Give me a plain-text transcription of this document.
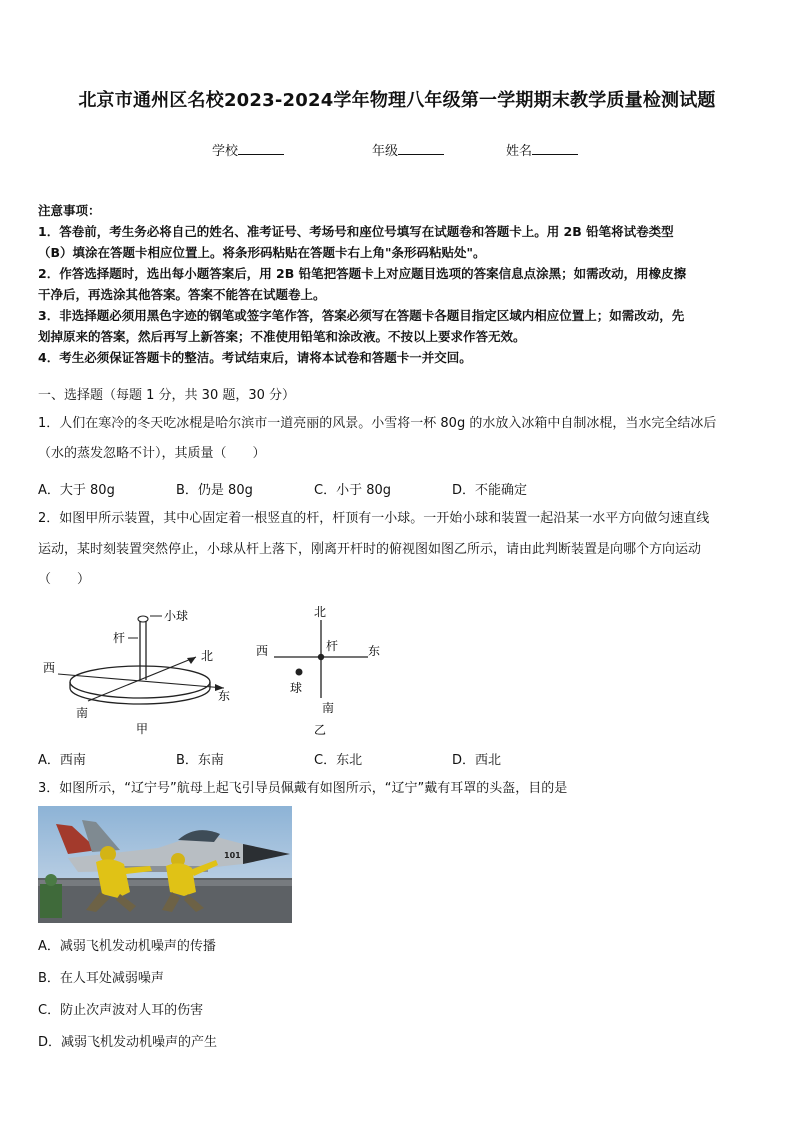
北京市通州区名校2023-2024学年物理八年级第一学期期末教学质量检测试题
学校	年级	姓名
注意事项：
1．答卷前，考生务必将自己的姓名、准考证号、考场号和座位号填写在试题卷和答题卡上。用 2B 铅笔将试卷类型
（B）填涂在答题卡相应位置上。将条形码粘贴在答题卡右上角"条形码粘贴处"。
2．作答选择题时，选出每小题答案后，用 2B 铅笔把答题卡上对应题目选项的答案信息点涂黑；如需改动，用橡皮擦
干净后，再选涂其他答案。答案不能答在试题卷上。
3．非选择题必须用黑色字迹的钢笔或签字笔作答，答案必须写在答题卡各题目指定区域内相应位置上；如需改动，先
划掉原来的答案，然后再写上新答案；不准使用铅笔和涂改液。不按以上要求作答无效。
4．考生必须保证答题卡的整洁。考试结束后，请将本试卷和答题卡一并交回。
一、选择题（每题 1 分，共 30 题，30 分）
1．人们在寒冷的冬天吃冰棍是哈尔滨市一道亮丽的风景。小雪将一杯 80g 的水放入冰箱中自制冰棍，当水完全结冰后
（水的蒸发忽略不计），其质量（　　）
A．大于 80g	B．仍是 80g	C．小于 80g	D．不能确定
2．如图甲所示装置，其中心固定着一根竖直的杆，杆顶有一小球。一开始小球和装置一起沿某一水平方向做匀速直线
运动，某时刻装置突然停止，小球从杆上落下，刚离开杆时的俯视图如图乙所示，请由此判断装置是向哪个方向运动
（　　）
小球
杆
西
北
东
南
甲
北
西	杆 东
球
南
乙
A．西南	B．东南	C．东北	D．西北
3．如图所示，“辽宁号”航母上起飞引导员佩戴有如图所示，“辽宁”戴有耳罩的头盔，目的是
101
A．减弱飞机发动机噪声的传播
B．在人耳处减弱噪声
C．防止次声波对人耳的伤害
D．减弱飞机发动机噪声的产生
